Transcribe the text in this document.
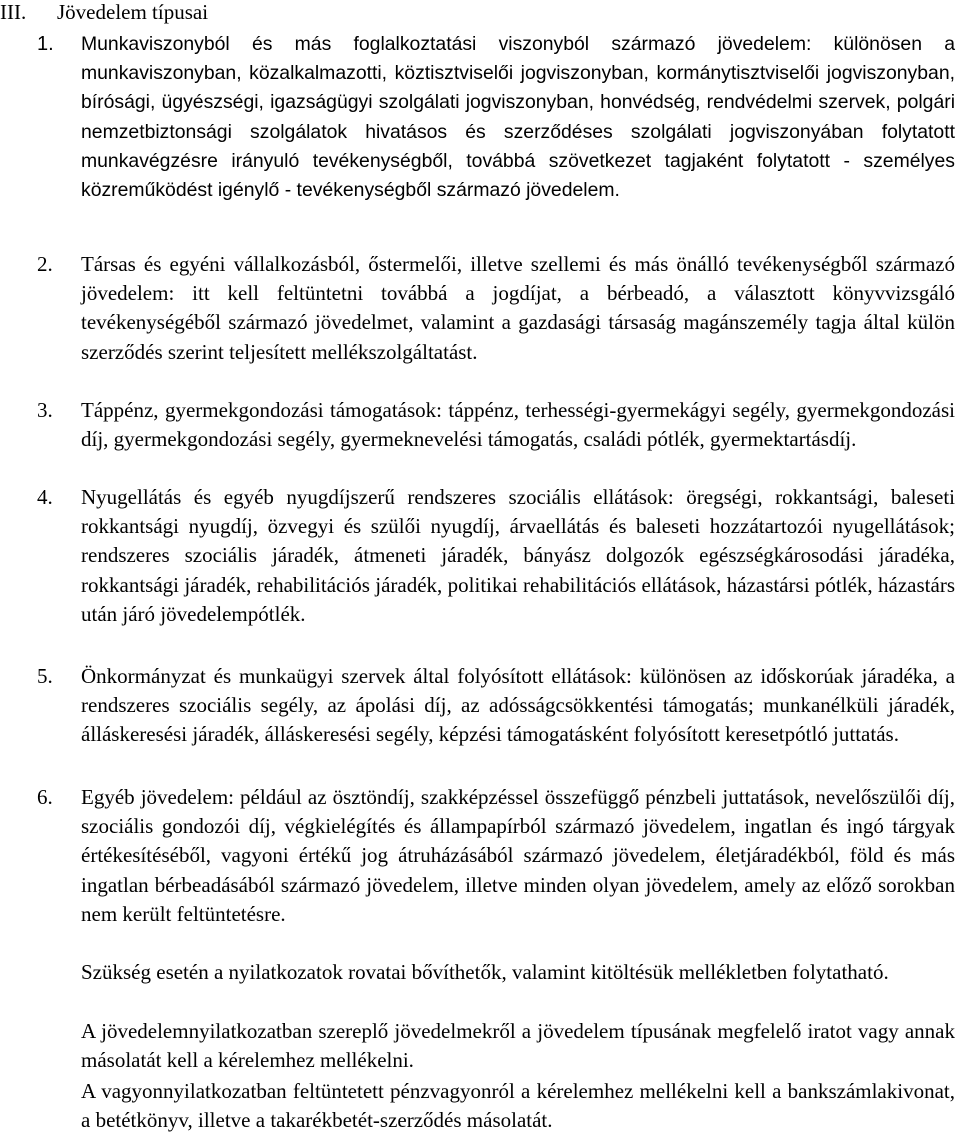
III. Jövedelem típusai
1. Munkaviszonyból és más foglalkoztatási viszonyból származó jövedelem: különösen a munkaviszonyban, közalkalmazotti, köztisztviselői jogviszonyban, kormánytisztviselői jogviszonyban, bírósági, ügyészségi, igazságügyi szolgálati jogviszonyban, honvédség, rendvédelmi szervek, polgári nemzetbiztonsági szolgálatok hivatásos és szerződéses szolgálati jogviszonyában folytatott munkavégzésre irányuló tevékenységből, továbbá szövetkezet tagjaként folytatott - személyes közreműködést igénylő - tevékenységből származó jövedelem.
2. Társas és egyéni vállalkozásból, őstermelői, illetve szellemi és más önálló tevékenységből származó jövedelem: itt kell feltüntetni továbbá a jogdíjat, a bérbeadó, a választott könyvvizsgáló tevékenységéből származó jövedelmet, valamint a gazdasági társaság magánszemély tagja által külön szerződés szerint teljesített mellékszolgáltatást.
3. Táppénz, gyermekgondozási támogatások: táppénz, terhességi-gyermekágyi segély, gyermekgondozási díj, gyermekgondozási segély, gyermeknevelési támogatás, családi pótlék, gyermektartásdíj.
4. Nyugellátás és egyéb nyugdíjszerű rendszeres szociális ellátások: öregségi, rokkantsági, baleseti rokkantsági nyugdíj, özvegyi és szülői nyugdíj, árvaellátás és baleseti hozzátartozói nyugellátások; rendszeres szociális járadék, átmeneti járadék, bányász dolgozók egészségkárosodási járadéka, rokkantsági járadék, rehabilitációs járadék, politikai rehabilitációs ellátások, házastársi pótlék, házastárs után járó jövedelempótlék.
5. Önkormányzat és munkaügyi szervek által folyósított ellátások: különösen az időskorúak járadéka, a rendszeres szociális segély, az ápolási díj, az adósságcsökkentési támogatás; munkanélküli járadék, álláskeresési járadék, álláskeresési segély, képzési támogatásként folyósított keresetpótló juttatás.
6. Egyéb jövedelem: például az ösztöndíj, szakképzéssel összefüggő pénzbeli juttatások, nevelőszülői díj, szociális gondozói díj, végkielégítés és állampapírból származó jövedelem, ingatlan és ingó tárgyak értékesítéséből, vagyoni értékű jog átruházásából származó jövedelem, életjáradékból, föld és más ingatlan bérbeadásából származó jövedelem, illetve minden olyan jövedelem, amely az előző sorokban nem került feltüntetésre.
Szükség esetén a nyilatkozatok rovatai bővíthetők, valamint kitöltésük mellékletben folytatható.
A jövedelemnyilatkozatban szereplő jövedelmekről a jövedelem típusának megfelelő iratot vagy annak másolatát kell a kérelemhez mellékelni.
A vagyonnyilatkozatban feltüntetett pénzvagyonról a kérelemhez mellékelni kell a bankszámlakivonat, a betétkönyv, illetve a takarékbetét-szerződés másolatát.
